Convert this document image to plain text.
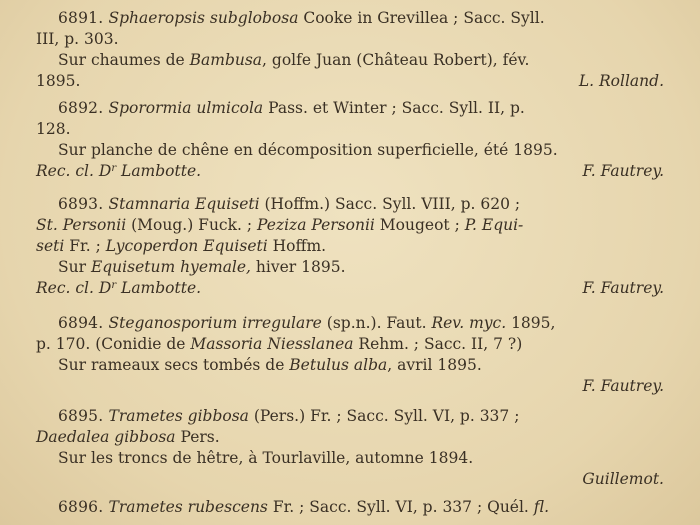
6891. Sphaeropsis subglobosa Cooke in Grevillea ; Sacc. Syll.
III, p. 303.
Sur chaumes de Bambusa, golfe Juan (Château Robert), fév.
1895.	L. Rolland.
6892. Sporormia ulmicola Pass. et Winter ; Sacc. Syll. II, p.
128.
Sur planche de chêne en décomposition superficielle, été 1895.
Rec. cl. $D^r$ Lambotte.	F. Fautrey.
6893. Stamnaria Equiseti (Hoffm.) Sacc. Syll. VIII, p. 620 ;
St. Personii (Moug.) Fuck. ; Peziza Personii Mougeot ; P. Equi-
seti Fr. ; Lycoperdon Equiseti Hoffm.
Sur Equisetum hyemale, hiver 1895.
Rec. cl. $D^r$ Lambotte.	F. Fautrey.
6894. Steganosporium irregulare (sp.n.). Faut. Rev. myc. 1895,
p. 170. (Conidie de Massoria Niesslanea Rehm. ; Sacc. II, 7 ?)
Sur rameaux secs tombés de Betulus alba, avril 1895.
F. Fautrey.
6895. Trametes gibbosa (Pers.) Fr. ; Sacc. Syll. VI, p. 337 ;
Daedalea gibbosa Pers.
Sur les troncs de hêtre, à Tourlaville, automne 1894.
Guillemot.
6896. Trametes rubescens Fr. ; Sacc. Syll. VI, p. 337 ; Quél. fl.
